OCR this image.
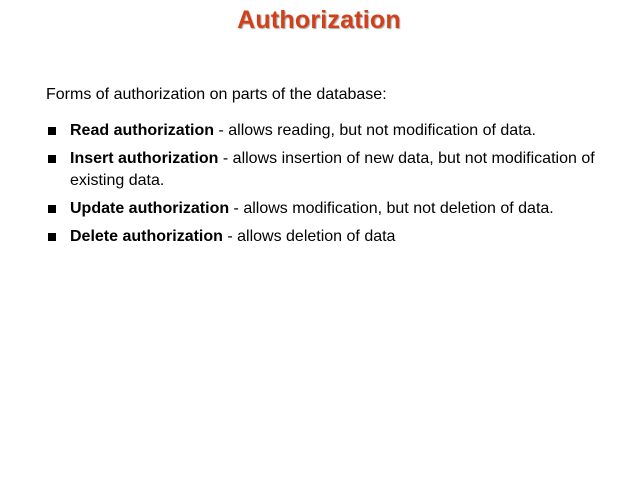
Authorization
Forms of authorization on parts of the database:
Read authorization - allows reading, but not modification of data.
Insert authorization - allows insertion of new data, but not modification of existing data.
Update authorization - allows modification, but not deletion of data.
Delete authorization - allows deletion of data
